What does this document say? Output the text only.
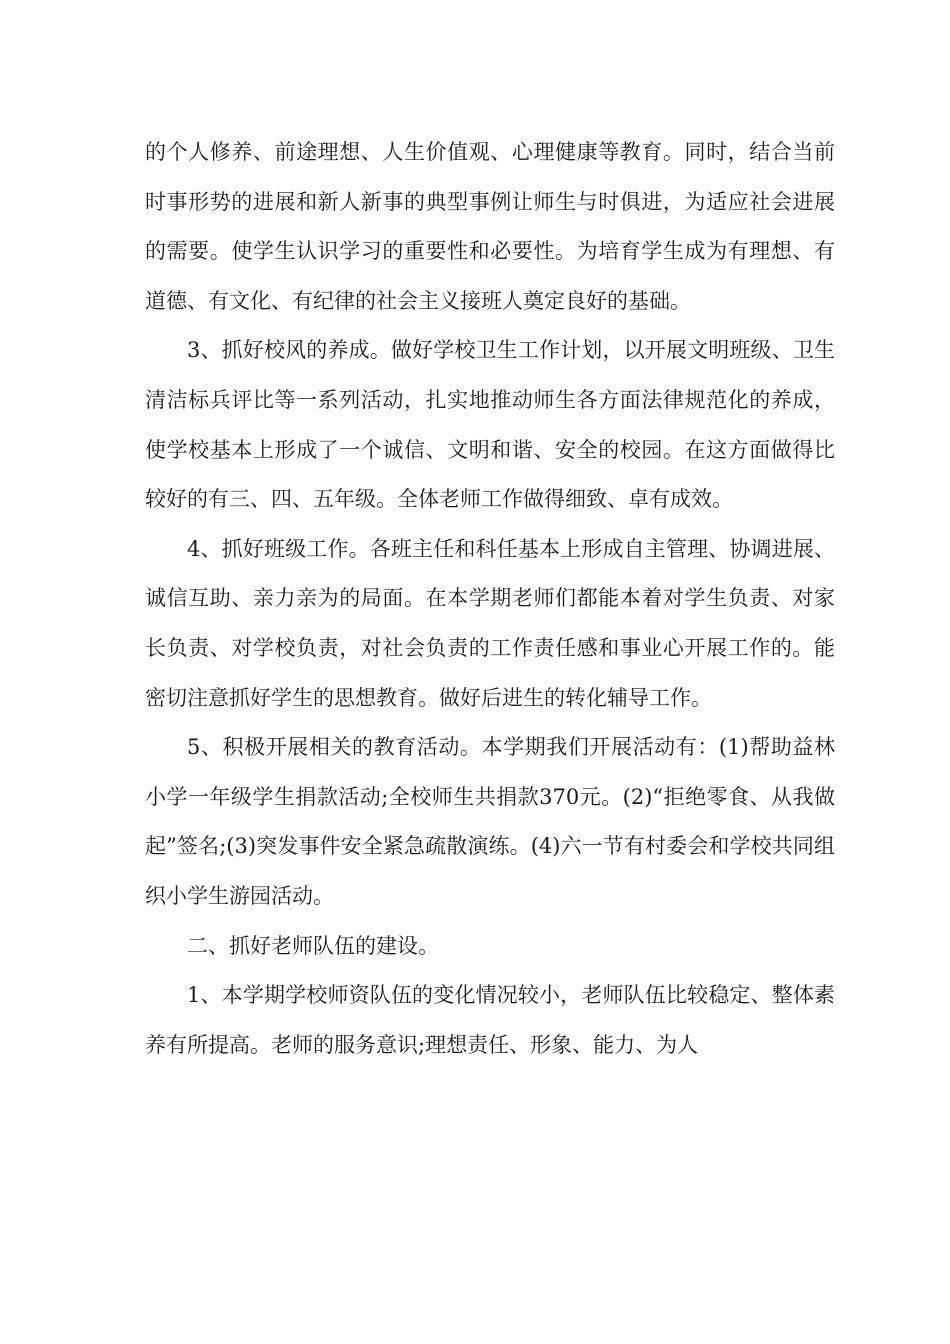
的个人修养、前途理想、人生价值观、心理健康等教育。同时，结合当前时事形势的进展和新人新事的典型事例让师生与时俱进，为适应社会进展的需要。使学生认识学习的重要性和必要性。为培育学生成为有理想、有道德、有文化、有纪律的社会主义接班人奠定良好的基础。

3、抓好校风的养成。做好学校卫生工作计划，以开展文明班级、卫生清洁标兵评比等一系列活动，扎实地推动师生各方面法律规范化的养成，使学校基本上形成了一个诚信、文明和谐、安全的校园。在这方面做得比较好的有三、四、五年级。全体老师工作做得细致、卓有成效。

4、抓好班级工作。各班主任和科任基本上形成自主管理、协调进展、诚信互助、亲力亲为的局面。在本学期老师们都能本着对学生负责、对家长负责、对学校负责，对社会负责的工作责任感和事业心开展工作的。能密切注意抓好学生的思想教育。做好后进生的转化辅导工作。

5、积极开展相关的教育活动。本学期我们开展活动有：(1)帮助益林小学一年级学生捐款活动;全校师生共捐款370元。(2)“拒绝零食、从我做起”签名;(3)突发事件安全紧急疏散演练。(4)六一节有村委会和学校共同组织小学生游园活动。

二、抓好老师队伍的建设。

1、本学期学校师资队伍的变化情况较小，老师队伍比较稳定、整体素养有所提高。老师的服务意识;理想责任、形象、能力、为人
